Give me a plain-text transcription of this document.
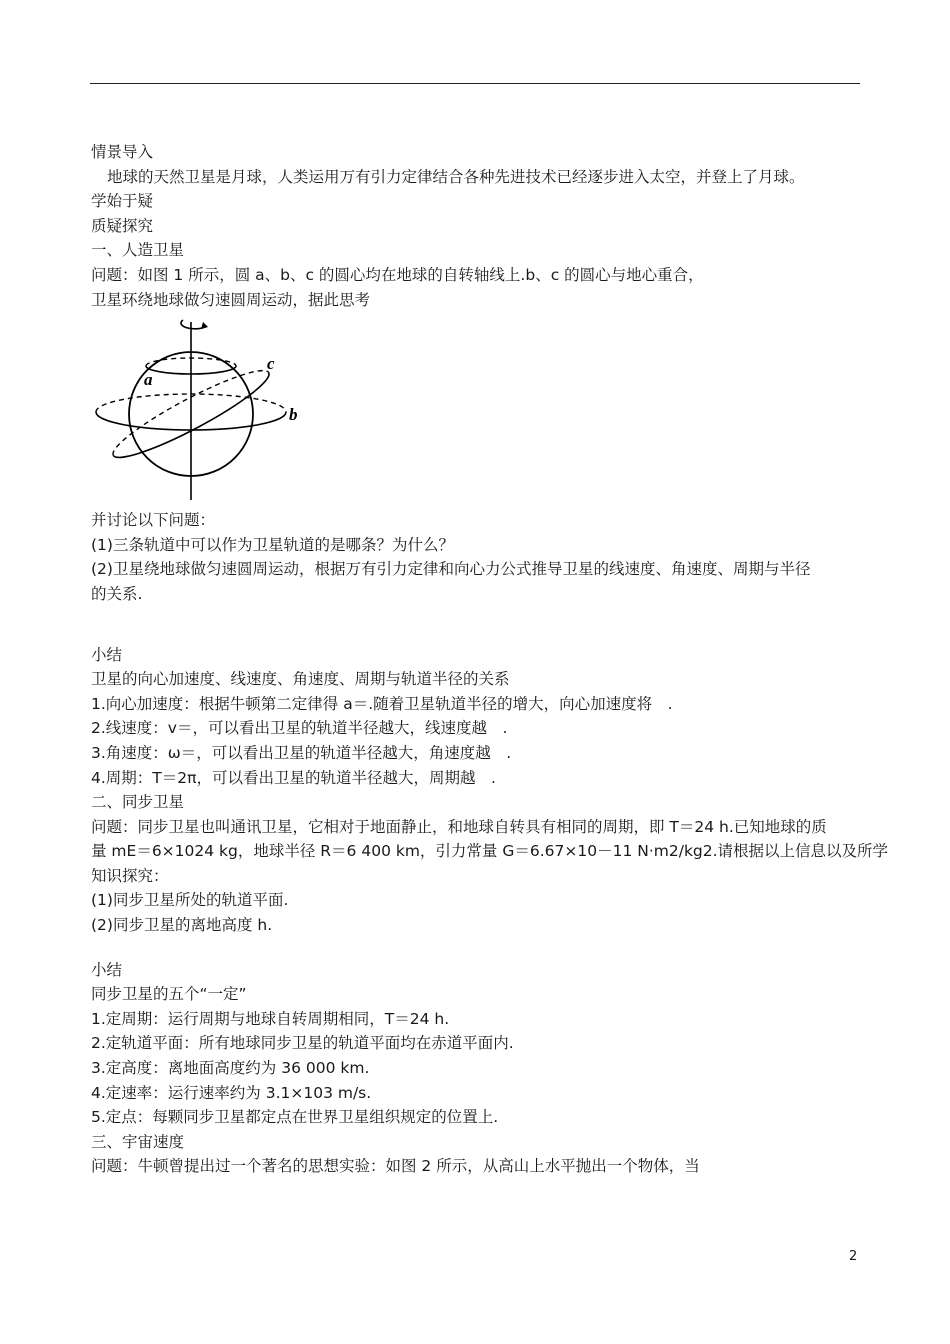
情景导入
地球的天然卫星是月球，人类运用万有引力定律结合各种先进技术已经逐步进入太空，并登上了月球。
学始于疑
质疑探究
一、人造卫星
问题：如图 1 所示，圆 a、b、c 的圆心均在地球的自转轴线上.b、c 的圆心与地心重合，
卫星环绕地球做匀速圆周运动，据此思考
a
c
b
并讨论以下问题：
(1)三条轨道中可以作为卫星轨道的是哪条？为什么？
(2)卫星绕地球做匀速圆周运动，根据万有引力定律和向心力公式推导卫星的线速度、角速度、周期与半径
的关系.
小结
卫星的向心加速度、线速度、角速度、周期与轨道半径的关系
1.向心加速度：根据牛顿第二定律得 a＝.随着卫星轨道半径的增大，向心加速度将　.
2.线速度：v＝，可以看出卫星的轨道半径越大，线速度越　.
3.角速度：ω＝，可以看出卫星的轨道半径越大，角速度越　.
4.周期：T＝2π，可以看出卫星的轨道半径越大，周期越　.
二、同步卫星
问题：同步卫星也叫通讯卫星，它相对于地面静止，和地球自转具有相同的周期，即 T＝24 h.已知地球的质
量 mE＝6×1024 kg，地球半径 R＝6 400 km，引力常量 G＝6.67×10－11 N·m2/kg2.请根据以上信息以及所学
知识探究：
(1)同步卫星所处的轨道平面.
(2)同步卫星的离地高度 h.
小结
同步卫星的五个“一定”
1.定周期：运行周期与地球自转周期相同，T＝24 h.
2.定轨道平面：所有地球同步卫星的轨道平面均在赤道平面内.
3.定高度：离地面高度约为 36 000 km.
4.定速率：运行速率约为 3.1×103 m/s.
5.定点：每颗同步卫星都定点在世界卫星组织规定的位置上.
三、宇宙速度
问题：牛顿曾提出过一个著名的思想实验：如图 2 所示，从高山上水平抛出一个物体，当
2
